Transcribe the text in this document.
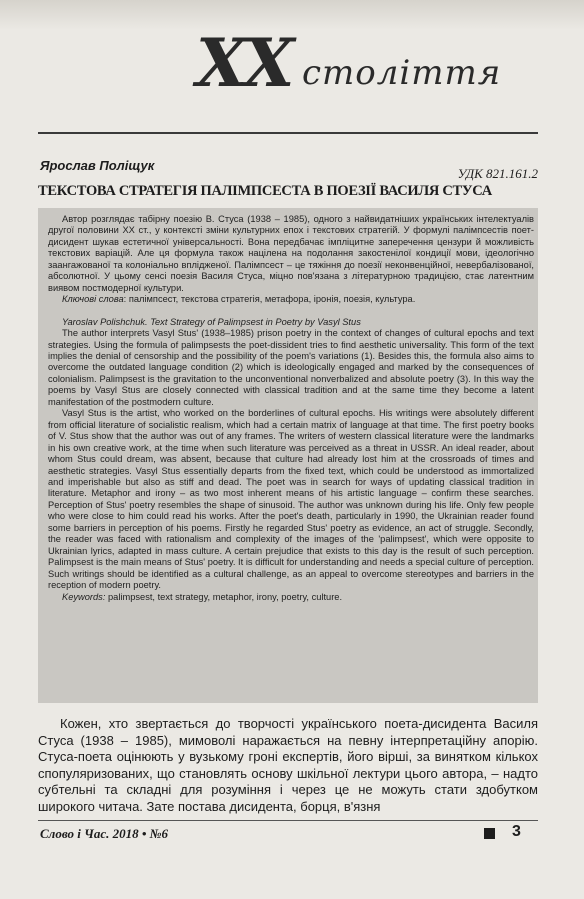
XX століття
Ярослав Поліщук
УДК 821.161.2
ТЕКСТОВА СТРАТЕГІЯ ПАЛІМПСЕСТА В ПОЕЗІЇ ВАСИЛЯ СТУСА

Автор розглядає табірну поезію В. Стуса (1938 – 1985), одного з найвидатніших українських інтелектуалів другої половини ХХ ст., у контексті зміни культурних епох і текстових стратегій. У формулі палімпсестів поет-дисидент шукав естетичної універсальності. Вона передбачає імпліцитне заперечення цензури й можливість текстових варіацій. Але ця формула також націлена на подолання закостенілої кондиції мови, ідеологічно заангажованої та колоніально вплідженої. Палімпсест – це тяжіння до поезії неконвенційної, невербалізованої, абсолютної. У цьому сенсі поезія Василя Стуса, міцно пов'язана з літературною традицією, стає латентним виявом постмодерної культури.

Ключові слова: палімпсест, текстова стратегія, метафора, іронія, поезія, культура.

Yaroslav Polishchuk. Text Strategy of Palimpsest in Poetry by Vasyl Stus

The author interprets Vasyl Stus' (1938–1985) prison poetry in the context of changes of cultural epochs and text strategies. Using the formula of palimpsests the poet-dissident tries to find aesthetic universality. This form of the text implies the denial of censorship and the possibility of the poem's variations (1). Besides this, the formula also aims to overcome the outdated language condition (2) which is ideologically engaged and marked by the consequences of colonialism. Palimpsest is the gravitation to the unconventional nonverbalized and absolute poetry (3). In this way the poems by Vasyl Stus are closely connected with classical tradition and at the same time they become a latent manifestation of the postmodern culture.

Vasyl Stus is the artist, who worked on the borderlines of cultural epochs. His writings were absolutely different from official literature of socialistic realism, which had a certain matrix of language at that time. The first poetry books of V. Stus show that the author was out of any frames. The writers of western classical literature were the landmarks in his own creative work, at the time when such literature was perceived as a threat in USSR. An ideal reader, about whom Stus could dream, was absent, because that culture had already lost him at the crossroads of times and aesthetic strategies. Vasyl Stus essentially departs from the fixed text, which could be understood as immortalized and imperishable but also as stiff and dead. The poet was in search for ways of updating classical tradition in literature. Metaphor and irony – as two most inherent means of his artistic language – confirm these searches. Perception of Stus' poetry resembles the shape of sinusoid. The author was unknown during his life. Only few people who were close to him could read his works. After the poet's death, particularly in 1990, the Ukrainian reader found some barriers in perception of his poems. Firstly he regarded Stus' poetry as evidence, an act of struggle. Secondly, the reader was faced with rationalism and complexity of the images of the 'palimpsest', which were opposite to Ukrainian lyrics, adapted in mass culture. A certain prejudice that exists to this day is the result of such perception. Palimpsest is the main means of Stus' poetry. It is difficult for understanding and needs a special culture of perception. Such writings should be identified as a cultural challenge, as an appeal to overcome stereotypes and barriers in the reception of modern poetry.

Keywords: palimpsest, text strategy, metaphor, irony, poetry, culture.

Кожен, хто звертається до творчості українського поета-дисидента Василя Стуса (1938 – 1985), мимоволі наражається на певну інтерпретаційну апорію. Стуса-поета оцінюють у вузькому гроні експертів, його вірші, за винятком кількох спопуляризованих, що становлять основу шкільної лектури цього автора, – надто субтельні та складні для розуміння і через це не можуть стати здобутком широкого читача. Зате постава дисидента, борця, в'язня

Слово і Час. 2018 • №6	3
